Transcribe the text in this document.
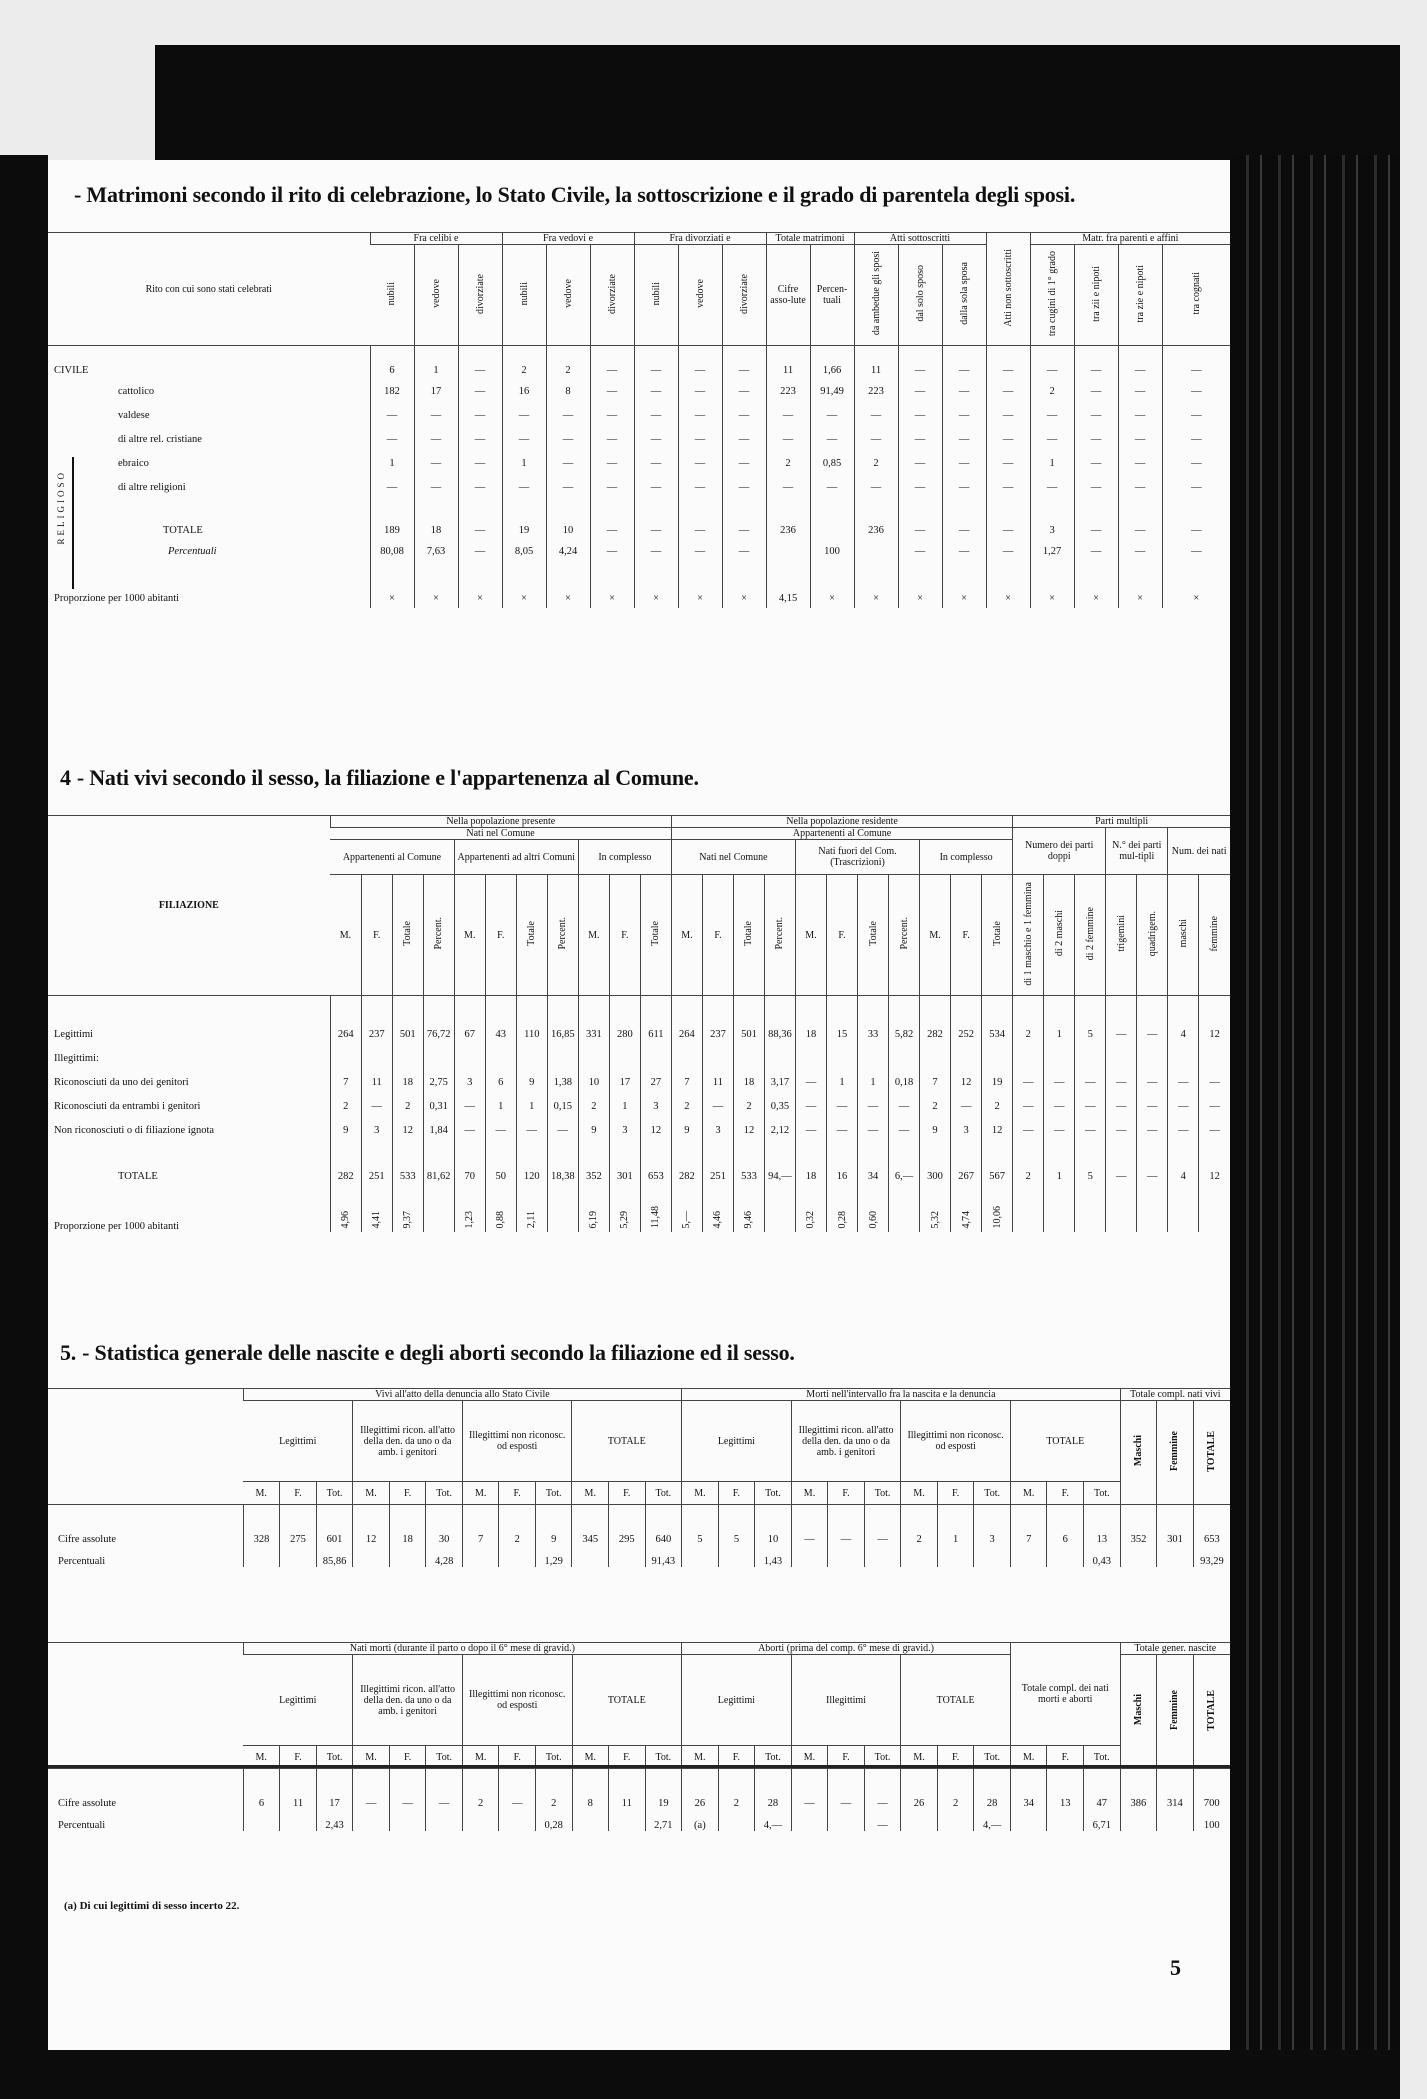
- Matrimoni secondo il rito di celebrazione, lo Stato Civile, la sottoscrizione e il grado di parentela degli sposi.
Rito con cui sono stati celebrati	Fra celibi e			Fra vedovi e			Fra divorziati e			Totale matrimoni		Atti sottoscritti			Atti non sottoscritti	Matr. fra parenti e affini			
	nubili	vedove	divorziate	nubili	vedove	divorziate	nubili	vedove	divorziate	Cifre asso-lute	Percen-tuali	da ambedue gli sposi	dal solo sposo	dalla sola sposa		tra cugini di 1° grado	tra zii e nipoti	tra zie e nipoti	tra cognati
CIVILE	6	1	—	2	2	—	—	—	—	11	1,66	11	—	—	—	—	—	—	—
cattolico	182	17	—	16	8	—	—	—	—	223	91,49	223	—	—	—	2	—	—	—
valdese	—	—	—	—	—	—	—	—	—	—	—	—	—	—	—	—	—	—	—
di altre rel. cristiane	—	—	—	—	—	—	—	—	—	—	—	—	—	—	—	—	—	—	—
ebraico	1	—	—	1	—	—	—	—	—	2	0,85	2	—	—	—	1	—	—	—
di altre religioni	—	—	—	—	—	—	—	—	—	—	—	—	—	—	—	—	—	—	—
TOTALE	189	18	—	19	10	—	—	—	—	236		236	—	—	—	3	—	—	—
Percentuali	80,08	7,63	—	8,05	4,24	—	—	—	—		100		—	—	—	1,27	—	—	—
Proporzione per 1000 abitanti	×	×	×	×	×	×	×	×	×	4,15	×	×	×	×	×	×	×	×	×
RELIGIOSO
4 - Nati vivi secondo il sesso, la filiazione e l'appartenenza al Comune.
FILIAZIONE	Nella popolazione presente											Nella popolazione residente											Parti multipli						
	Nati nel Comune											Appartenenti al Comune											Numero dei parti doppi			N.° dei parti mul-tipli		Num. dei nati	
	Appartenenti al Comune				Appartenenti ad altri Comuni				In complesso			Nati nel Comune				Nati fuori del Com. (Trascrizioni)				In complesso									
	M.	F.	Totale	Percent.	M.	F.	Totale	Percent.	M.	F.	Totale	M.	F.	Totale	Percent.	M.	F.	Totale	Percent.	M.	F.	Totale	di 1 maschio e 1 femmina	di 2 maschi	di 2 femmine	trigemini	quadrigem.	maschi	femmine
Legittimi	264	237	501	76,72	67	43	110	16,85	331	280	611	264	237	501	88,36	18	15	33	5,82	282	252	534	2	1	5	—	—	4	12
Illegittimi:																													
Riconosciuti da uno dei genitori	7	11	18	2,75	3	6	9	1,38	10	17	27	7	11	18	3,17	—	1	1	0,18	7	12	19	—	—	—	—	—	—	—
Riconosciuti da entrambi i genitori	2	—	2	0,31	—	1	1	0,15	2	1	3	2	—	2	0,35	—	—	—	—	2	—	2	—	—	—	—	—	—	—
Non riconosciuti o di filiazione ignota	9	3	12	1,84	—	—	—	—	9	3	12	9	3	12	2,12	—	—	—	—	9	3	12	—	—	—	—	—	—	—
TOTALE	282	251	533	81,62	70	50	120	18,38	352	301	653	282	251	533	94,—	18	16	34	6,—	300	267	567	2	1	5	—	—	4	12
Proporzione per 1000 abitanti	4,96	4,41	9,37		1,23	0,88	2,11		6,19	5,29	11,48	5,—	4,46	9,46		0,32	0,28	0,60		5,32	4,74	10,06							
5. - Statistica generale delle nascite e degli aborti secondo la filiazione ed il sesso.
	Vivi all'atto della denuncia allo Stato Civile												Morti nell'intervallo fra la nascita e la denuncia												Totale compl. nati vivi		
	Legittimi			Illegittimi ricon. all'atto della den. da uno o da amb. i genitori			Illegittimi non riconosc. od esposti			TOTALE			Legittimi			Illegittimi ricon. all'atto della den. da uno o da amb. i genitori			Illegittimi non riconosc. od esposti			TOTALE			Maschi	Femmine	TOTALE
	M.	F.	Tot.	M.	F.	Tot.	M.	F.	Tot.	M.	F.	Tot.	M.	F.	Tot.	M.	F.	Tot.	M.	F.	Tot.	M.	F.	Tot.			
Cifre assolute	328	275	601	12	18	30	7	2	9	345	295	640	5	5	10	—	—	—	2	1	3	7	6	13	352	301	653
Percentuali			85,86			4,28			1,29			91,43			1,43									0,43			93,29
	Nati morti (durante il parto o dopo il 6° mese di gravid.)												Aborti (prima del comp. 6° mese di gravid.)									Totale compl. dei nati morti e aborti			Totale gener. nascite		
	Legittimi			Illegittimi ricon. all'atto della den. da uno o da amb. i genitori			Illegittimi non riconosc. od esposti			TOTALE			Legittimi			Illegittimi			TOTALE						Maschi	Femmine	TOTALE
	M.	F.	Tot.	M.	F.	Tot.	M.	F.	Tot.	M.	F.	Tot.	M.	F.	Tot.	M.	F.	Tot.	M.	F.	Tot.	M.	F.	Tot.			
Cifre assolute	6	11	17	—	—	—	2	—	2	8	11	19	26	2	28	—	—	—	26	2	28	34	13	47	386	314	700
Percentuali			2,43						0,28			2,71	(a)		4,—			—			4,—			6,71			100
(a) Di cui legittimi di sesso incerto 22.
5
